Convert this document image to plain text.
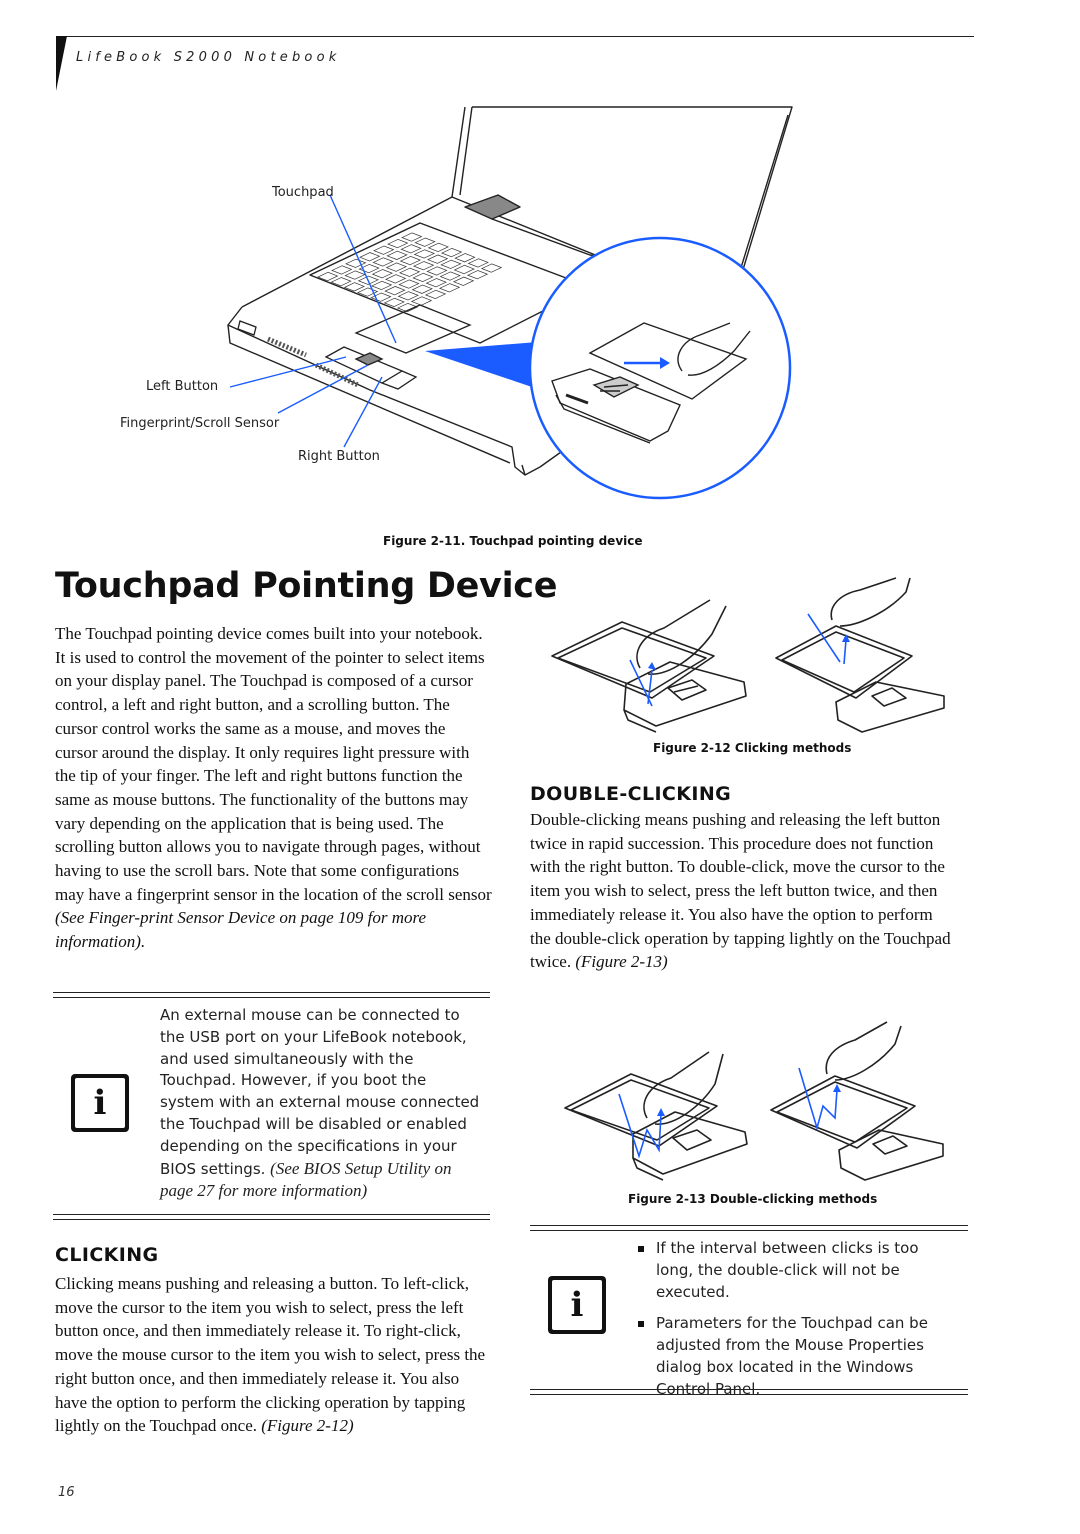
LifeBook S2000 Notebook
Touchpad
Left Button
Fingerprint/Scroll Sensor
Right Button
Figure 2-11. Touchpad pointing device
Touchpad Pointing Device
The Touchpad pointing device comes built into your notebook. It is used to control the movement of the pointer to select items on your display panel. The Touchpad is composed of a cursor control, a left and right button, and a scrolling button. The cursor control works the same as a mouse, and moves the cursor around the display. It only requires light pressure with the tip of your finger. The left and right buttons function the same as mouse buttons. The functionality of the buttons may vary depending on the application that is being used. The scrolling button allows you to navigate through pages, without having to use the scroll bars. Note that some configurations may have a fingerprint sensor in the location of the scroll sensor (See Finger-print Sensor Device on page 109 for more information).
i
An external mouse can be connected to the USB port on your LifeBook notebook, and used simultaneously with the Touchpad. However, if you boot the system with an external mouse connected the Touchpad will be disabled or enabled depending on the specifications in your BIOS settings. (See BIOS Setup Utility on page 27 for more information)
CLICKING
Clicking means pushing and releasing a button. To left-click, move the cursor to the item you wish to select, press the left button once, and then immediately release it. To right-click, move the mouse cursor to the item you wish to select, press the right button once, and then immediately release it. You also have the option to perform the clicking operation by tapping lightly on the Touchpad once. (Figure 2-12)
Figure 2-12 Clicking methods
DOUBLE-CLICKING
Double-clicking means pushing and releasing the left button twice in rapid succession. This procedure does not function with the right button. To double-click, move the cursor to the item you wish to select, press the left button twice, and then immediately release it. You also have the option to perform the double-click operation by tapping lightly on the Touchpad twice. (Figure 2-13)
Figure 2-13 Double-clicking methods
i
If the interval between clicks is too long, the double-click will not be executed.
Parameters for the Touchpad can be adjusted from the Mouse Properties dialog box located in the Windows Control Panel.
16
